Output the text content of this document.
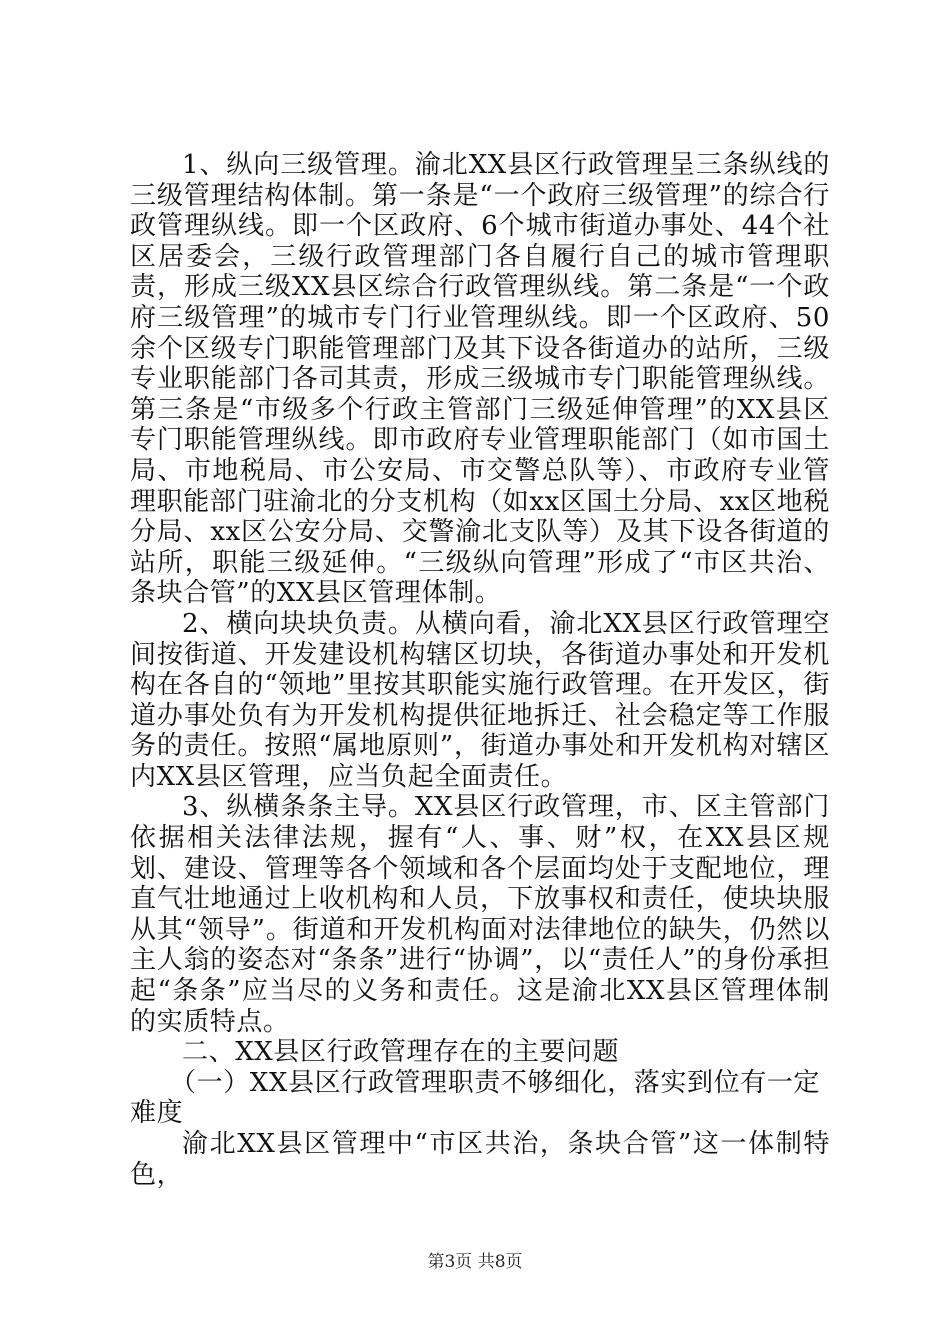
1、纵向三级管理。渝北XX县区行政管理呈三条纵线的三级管理结构体制。第一条是“一个政府三级管理”的综合行政管理纵线。即一个区政府、6个城市街道办事处、44个社区居委会，三级行政管理部门各自履行自己的城市管理职责，形成三级XX县区综合行政管理纵线。第二条是“一个政府三级管理”的城市专门行业管理纵线。即一个区政府、50余个区级专门职能管理部门及其下设各街道办的站所，三级专业职能部门各司其责，形成三级城市专门职能管理纵线。第三条是“市级多个行政主管部门三级延伸管理”的XX县区专门职能管理纵线。即市政府专业管理职能部门（如市国土局、市地税局、市公安局、市交警总队等）、市政府专业管理职能部门驻渝北的分支机构（如xx区国土分局、xx区地税分局、xx区公安分局、交警渝北支队等）及其下设各街道的站所，职能三级延伸。“三级纵向管理”形成了“市区共治、条块合管”的XX县区管理体制。

2、横向块块负责。从横向看，渝北XX县区行政管理空间按街道、开发建设机构辖区切块，各街道办事处和开发机构在各自的“领地”里按其职能实施行政管理。在开发区，街道办事处负有为开发机构提供征地拆迁、社会稳定等工作服务的责任。按照“属地原则”，街道办事处和开发机构对辖区内XX县区管理，应当负起全面责任。

3、纵横条条主导。XX县区行政管理，市、区主管部门依据相关法律法规，握有“人、事、财”权，在XX县区规划、建设、管理等各个领域和各个层面均处于支配地位，理直气壮地通过上收机构和人员，下放事权和责任，使块块服从其“领导”。街道和开发机构面对法律地位的缺失，仍然以主人翁的姿态对“条条”进行“协调”，以“责任人”的身份承担起“条条”应当尽的义务和责任。这是渝北XX县区管理体制的实质特点。

二、XX县区行政管理存在的主要问题

（一）XX县区行政管理职责不够细化，落实到位有一定难度

渝北XX县区管理中“市区共治，条块合管”这一体制特色，

第3页 共8页
